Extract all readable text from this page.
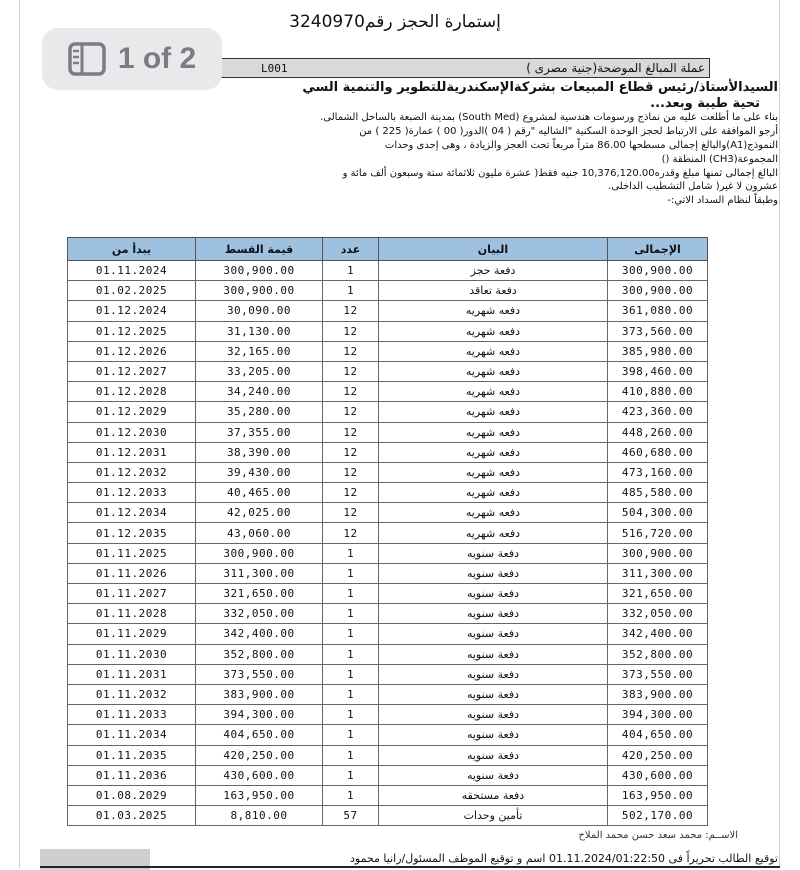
1 of 2
إستمارة الحجز رقم3240970
عملة المبالغ الموضحة(جنية مصرى )
L001
السيدالأستاذ/رئيس قطاع المبيعات بشركةالإسكندريةللتطوير والتنمية السي
تحية طيبة وبعد...
بناء على ما أطلعت عليه من نماذج ورسومات هندسية لمشروع (South Med) بمدينة الضبعة بالساحل الشمالى.
أرجو الموافقة على الارتباط لحجز الوحدة السكنية "الشاليه "رقم ( 04 )الدور( 00 ) عمارة( 225 ) من
النموذج(A1)والبالغ إجمالى مسطحها 86.00 متراً مربعاً تحت العجز والزيادة ، وهى إحدى وحدات
المجموعة(CH3) المنطقة ()
البالغ إجمالى ثمنها مبلغ وقدره10,376,120.00 جنيه فقط( عشرة مليون ثلاثمائة ستة وسبعون ألف مائة و
عشرون لا غير( شامل التشطيب الداخلى.
وطبقاً لنظام السداد الاتي:-
يبدأ من	قيمة القسط	عدد	البيان	الإجمالى
01.11.2024	300,900.00	1	دفعة حجز	300,900.00
01.02.2025	300,900.00	1	دفعة تعاقد	300,900.00
01.12.2024	30,090.00	12	دفعه شهريه	361,080.00
01.12.2025	31,130.00	12	دفعه شهريه	373,560.00
01.12.2026	32,165.00	12	دفعه شهريه	385,980.00
01.12.2027	33,205.00	12	دفعه شهريه	398,460.00
01.12.2028	34,240.00	12	دفعه شهريه	410,880.00
01.12.2029	35,280.00	12	دفعه شهريه	423,360.00
01.12.2030	37,355.00	12	دفعه شهريه	448,260.00
01.12.2031	38,390.00	12	دفعه شهريه	460,680.00
01.12.2032	39,430.00	12	دفعه شهريه	473,160.00
01.12.2033	40,465.00	12	دفعه شهريه	485,580.00
01.12.2034	42,025.00	12	دفعه شهريه	504,300.00
01.12.2035	43,060.00	12	دفعه شهريه	516,720.00
01.11.2025	300,900.00	1	دفعة سنويه	300,900.00
01.11.2026	311,300.00	1	دفعة سنويه	311,300.00
01.11.2027	321,650.00	1	دفعة سنويه	321,650.00
01.11.2028	332,050.00	1	دفعة سنويه	332,050.00
01.11.2029	342,400.00	1	دفعة سنويه	342,400.00
01.11.2030	352,800.00	1	دفعة سنويه	352,800.00
01.11.2031	373,550.00	1	دفعة سنويه	373,550.00
01.11.2032	383,900.00	1	دفعة سنويه	383,900.00
01.11.2033	394,300.00	1	دفعة سنويه	394,300.00
01.11.2034	404,650.00	1	دفعة سنويه	404,650.00
01.11.2035	420,250.00	1	دفعة سنويه	420,250.00
01.11.2036	430,600.00	1	دفعة سنويه	430,600.00
01.08.2029	163,950.00	1	دفعة مستحقه	163,950.00
01.03.2025	8,810.00	57	تأمين وحدات	502,170.00
الاســم: محمد سعد حسن محمد الملاح
توقيع الطالب تحريراً فى 01.11.2024/01:22:50 اسم و توقيع الموظف المسئول/رانيا محمود
